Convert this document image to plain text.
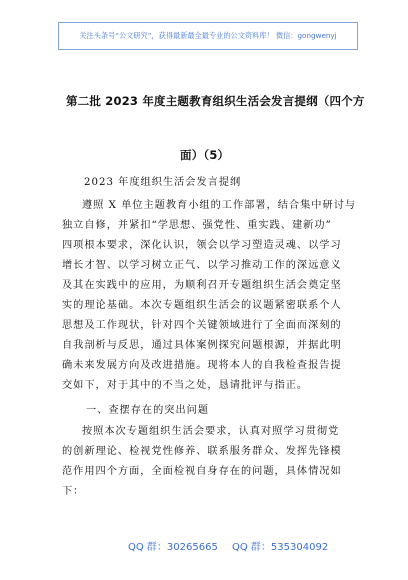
关注头条号“公文研究”，获得最新最全最专业的公文资料库！ 微信：gongwenyj
第二批 2023 年度主题教育组织生活会发言提纲（四个方
面）（5）
2023 年度组织生活会发言提纲
遵照 X 单位主题教育小组的工作部署，结合集中研讨与
独立自修，并紧扣“学思想、强党性、重实践、建新功”
四项根本要求，深化认识，领会以学习塑造灵魂、以学习
增长才智、以学习树立正气、以学习推动工作的深远意义
及其在实践中的应用，为顺利召开专题组织生活会奠定坚
实的理论基础。本次专题组织生活会的议题紧密联系个人
思想及工作现状，针对四个关键领域进行了全面而深刻的
自我剖析与反思，通过具体案例探究问题根源，并据此明
确未来发展方向及改进措施。现将本人的自我检查报告提
交如下，对于其中的不当之处，恳请批评与指正。
一、查摆存在的突出问题
按照本次专题组织生活会要求，认真对照学习贯彻党
的创新理论、检视党性修养、联系服务群众、发挥先锋模
范作用四个方面，全面检视自身存在的问题，具体情况如
下：
QQ 群：30265665 QQ 群：535304092
